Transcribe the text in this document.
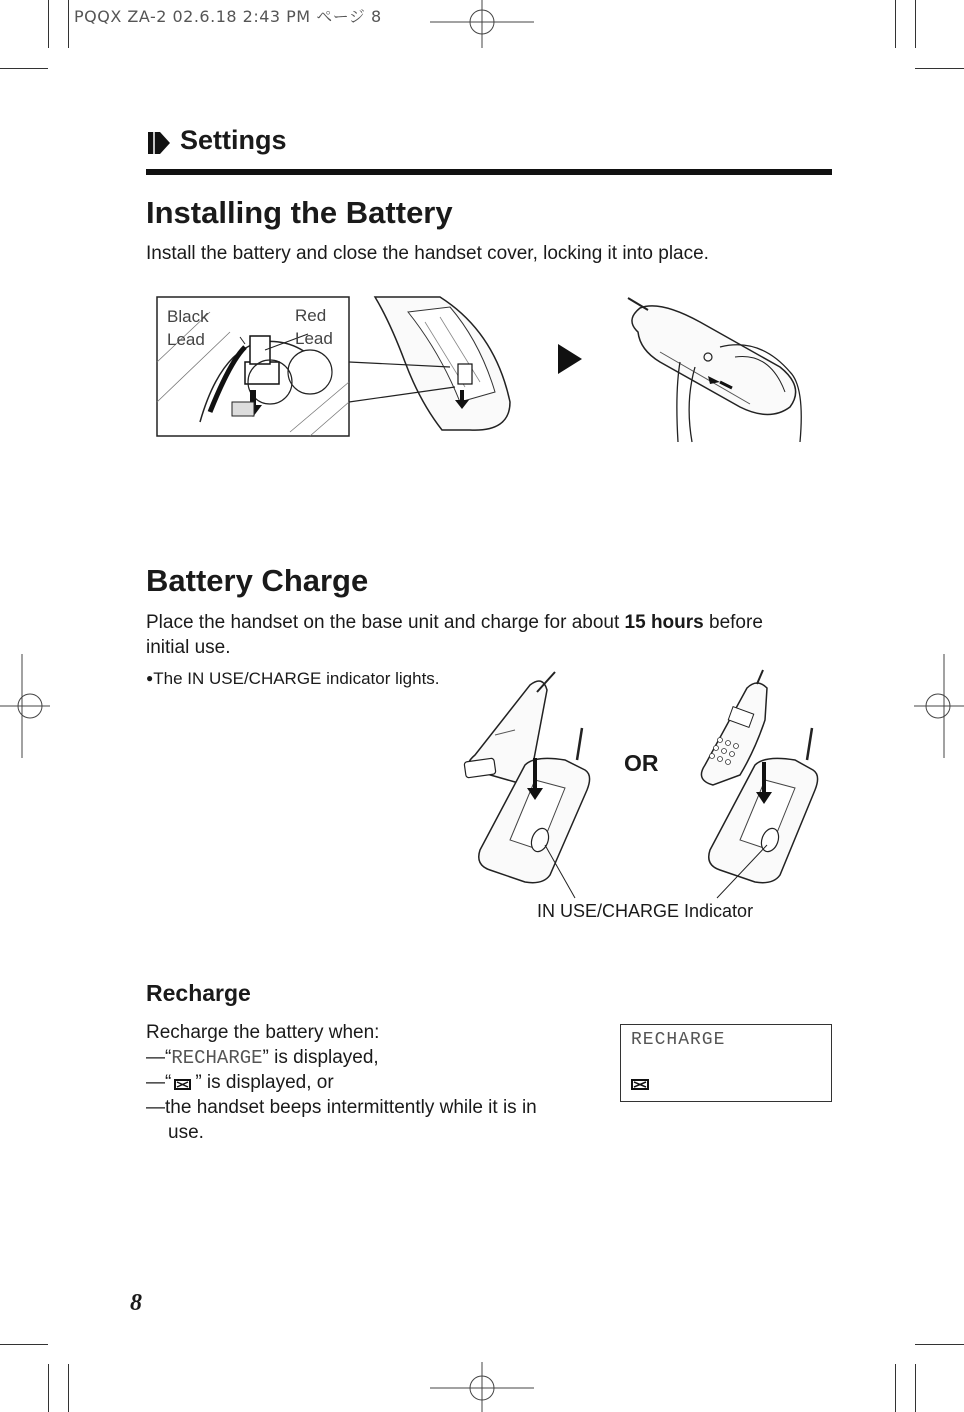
PQQX ZA-2 02.6.18 2:43 PM ページ 8
Settings
Installing the Battery

Install the battery and close the handset cover, locking it into place.

Black
Lead
Red
Lead
Battery Charge

Place the handset on the base unit and charge for about 15 hours before
initial use.

●The IN USE/CHARGE indicator lights.

OR
IN USE/CHARGE Indicator
Recharge

Recharge the battery when:

—“RECHARGE” is displayed,

—“ ” is displayed, or

—the handset beeps intermittently while it is in
use.

RECHARGE
8
